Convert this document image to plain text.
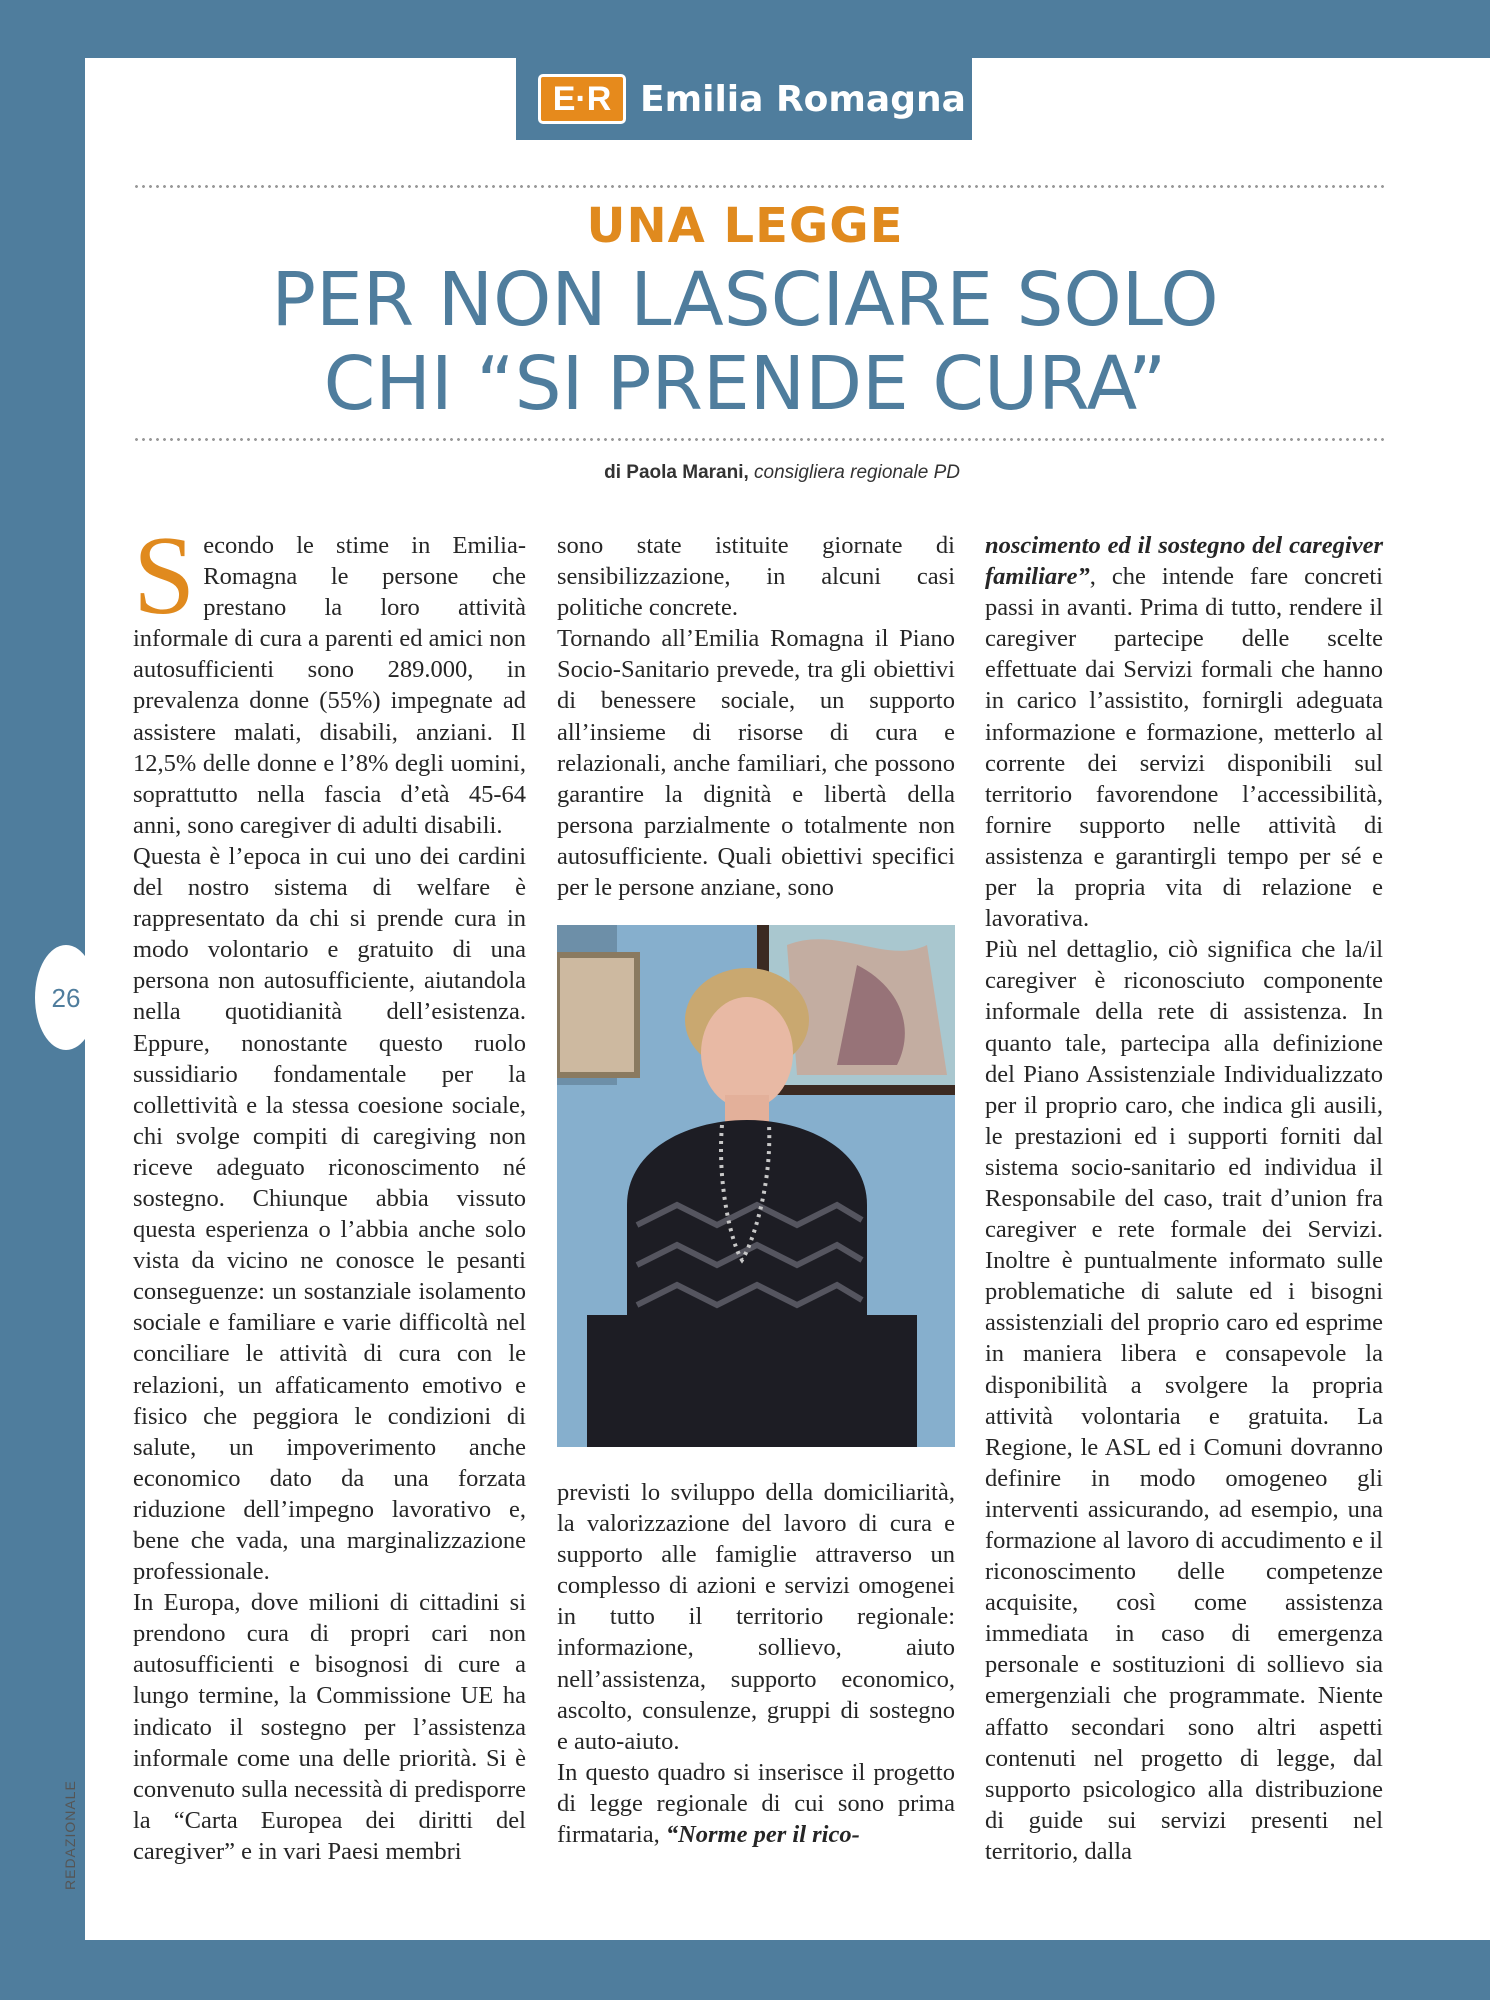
26
REDAZIONALE
E·R Emilia Romagna
UNA LEGGE
PER NON LASCIARE SOLO
CHI “SI PRENDE CURA”
di Paola Marani, consigliera regionale PD

Secondo le stime in Emilia-Romagna le persone che prestano la loro attività informale di cura a parenti ed amici non autosufficienti sono 289.000, in prevalenza donne (55%) impegnate ad assistere malati, disabili, anziani. Il 12,5% delle donne e l’8% degli uomini, soprattutto nella fascia d’età 45-64 anni, sono caregiver di adulti disabili.

Questa è l’epoca in cui uno dei cardini del nostro sistema di welfare è rappresentato da chi si prende cura in modo volontario e gratuito di una persona non autosufficiente, aiutandola nella quotidianità dell’esistenza. Eppure, nonostante questo ruolo sussidiario fondamentale per la collettività e la stessa coesione sociale, chi svolge compiti di caregiving non riceve adeguato riconoscimento né sostegno. Chiunque abbia vissuto questa esperienza o l’abbia anche solo vista da vicino ne conosce le pesanti conseguenze: un sostanziale isolamento sociale e familiare e varie difficoltà nel conciliare le attività di cura con le relazioni, un affaticamento emotivo e fisico che peggiora le condizioni di salute, un impoverimento anche economico dato da una forzata riduzione dell’impegno lavorativo e, bene che vada, una marginalizzazione professionale.

In Europa, dove milioni di cittadini si prendono cura di propri cari non autosufficienti e bisognosi di cure a lungo termine, la Commissione UE ha indicato il sostegno per l’assistenza informale come una delle priorità. Si è convenuto sulla necessità di predisporre la “Carta Europea dei diritti del caregiver” e in vari Paesi membri

sono state istituite giornate di sensibilizzazione, in alcuni casi politiche concrete.

Tornando all’Emilia Romagna il Piano Socio-Sanitario prevede, tra gli obiettivi di benessere sociale, un supporto all’insieme di risorse di cura e relazionali, anche familiari, che possono garantire la dignità e libertà della persona parzialmente o totalmente non autosufficiente. Quali obiettivi specifici per le persone anziane, sono

previsti lo sviluppo della domiciliarità, la valorizzazione del lavoro di cura e supporto alle famiglie attraverso un complesso di azioni e servizi omogenei in tutto il territorio regionale: informazione, sollievo, aiuto nell’assistenza, supporto economico, ascolto, consulenze, gruppi di sostegno e auto-aiuto.

In questo quadro si inserisce il progetto di legge regionale di cui sono prima firmataria, “Norme per il rico-

noscimento ed il sostegno del caregiver familiare”, che intende fare concreti passi in avanti. Prima di tutto, rendere il caregiver partecipe delle scelte effettuate dai Servizi formali che hanno in carico l’assistito, fornirgli adeguata informazione e formazione, metterlo al corrente dei servizi disponibili sul territorio favorendone l’accessibilità, fornire supporto nelle attività di assistenza e garantirgli tempo per sé e per la propria vita di relazione e lavorativa.

Più nel dettaglio, ciò significa che la/il caregiver è riconosciuto componente informale della rete di assistenza. In quanto tale, partecipa alla definizione del Piano Assistenziale Individualizzato per il proprio caro, che indica gli ausili, le prestazioni ed i supporti forniti dal sistema socio-sanitario ed individua il Responsabile del caso, trait d’union fra caregiver e rete formale dei Servizi. Inoltre è puntualmente informato sulle problematiche di salute ed i bisogni assistenziali del proprio caro ed esprime in maniera libera e consapevole la disponibilità a svolgere la propria attività volontaria e gratuita. La Regione, le ASL ed i Comuni dovranno definire in modo omogeneo gli interventi assicurando, ad esempio, una formazione al lavoro di accudimento e il riconoscimento delle competenze acquisite, così come assistenza immediata in caso di emergenza personale e sostituzioni di sollievo sia emergenziali che programmate. Niente affatto secondari sono altri aspetti contenuti nel progetto di legge, dal supporto psicologico alla distribuzione di guide sui servizi presenti nel territorio, dalla
